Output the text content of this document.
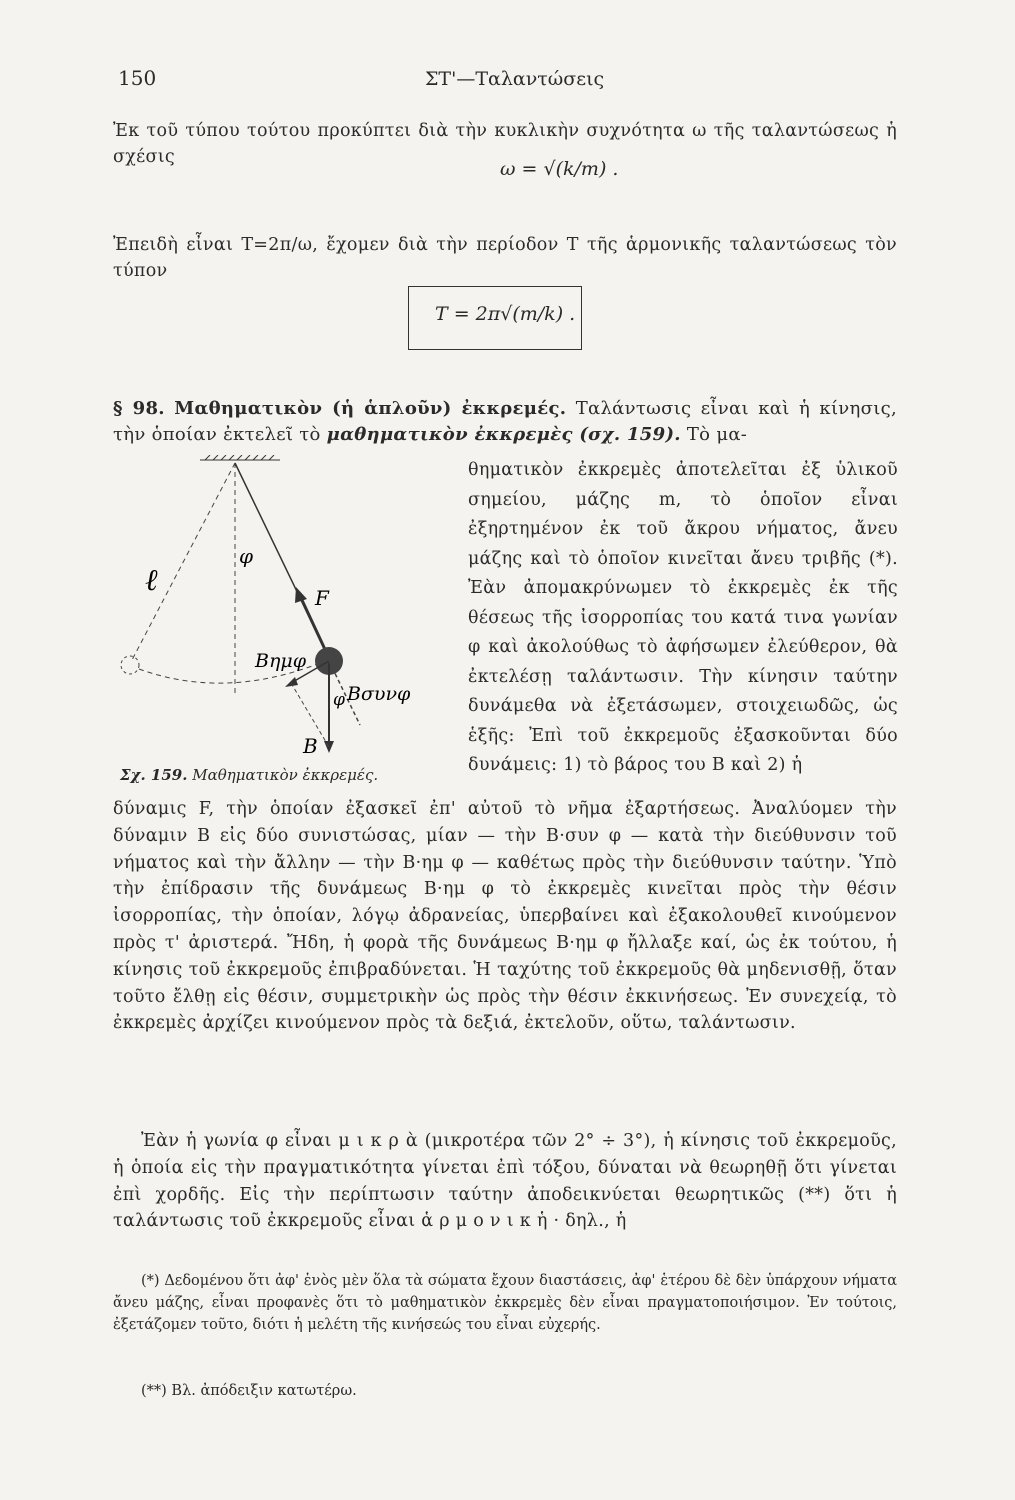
150	ΣΤ'—Ταλαντώσεις

Ἐκ τοῦ τύπου τούτου προκύπτει διὰ τὴν κυκλικὴν συχνότητα ω τῆς ταλαντώσεως ἡ σχέσις

ω = √(k/m) .

Ἐπειδὴ εἶναι T=2π/ω, ἔχομεν διὰ τὴν περίοδον T τῆς ἁρμονικῆς ταλαντώσεως τὸν τύπον

T = 2π√(m/k) .

§ 98. Μαθηματικὸν (ἡ ἁπλοῦν) ἐκκρεμές. Ταλάντωσις εἶναι καὶ ἡ κίνησις, τὴν ὁποίαν ἐκτελεῖ τὸ μαθηματικὸν ἐκκρεμὲς (σχ. 159). Τὸ μα-

θηματικὸν ἐκκρεμὲς ἀποτελεῖται ἐξ ὑλικοῦ σημείου, μάζης m, τὸ ὁποῖον εἶναι ἐξηρτημένον ἐκ τοῦ ἄκρου νήματος, ἄνευ μάζης καὶ τὸ ὁποῖον κινεῖται ἄνευ τριβῆς (*). Ἐὰν ἀπομακρύνωμεν τὸ ἐκκρεμὲς ἐκ τῆς θέσεως τῆς ἰσορροπίας του κατά τινα γωνίαν φ καὶ ἀκολούθως τὸ ἀφήσωμεν ἐλεύθερον, θὰ ἐκτελέσῃ ταλάντωσιν. Τὴν κίνησιν ταύτην δυνάμεθα νὰ ἐξετάσωμεν, στοιχειωδῶς, ὡς ἑξῆς: Ἐπὶ τοῦ ἐκκρεμοῦς ἐξασκοῦνται δύο δυνάμεις: 1) τὸ βάρος του B καὶ 2) ἡ

ℓ
φ
F
Bημφ
φ Bσυνφ
B
Σχ. 159. Μαθηματικὸν ἐκκρεμές.

δύναμις F, τὴν ὁποίαν ἐξασκεῖ ἐπ' αὐτοῦ τὸ νῆμα ἐξαρτήσεως. Ἀναλύομεν τὴν δύναμιν B εἰς δύο συνιστώσας, μίαν — τὴν B·συν φ — κατὰ τὴν διεύθυνσιν τοῦ νήματος καὶ τὴν ἄλλην — τὴν B·ημ φ — καθέτως πρὸς τὴν διεύθυνσιν ταύτην. Ὑπὸ τὴν ἐπίδρασιν τῆς δυνάμεως B·ημ φ τὸ ἐκκρεμὲς κινεῖται πρὸς τὴν θέσιν ἰσορροπίας, τὴν ὁποίαν, λόγῳ ἀδρανείας, ὑπερβαίνει καὶ ἐξακολουθεῖ κινούμενον πρὸς τ' ἀριστερά. Ἤδη, ἡ φορὰ τῆς δυνάμεως B·ημ φ ἤλλαξε καί, ὡς ἐκ τούτου, ἡ κίνησις τοῦ ἐκκρεμοῦς ἐπιβραδύνεται. Ἡ ταχύτης τοῦ ἐκκρεμοῦς θὰ μηδενισθῇ, ὅταν τοῦτο ἔλθῃ εἰς θέσιν, συμμετρικὴν ὡς πρὸς τὴν θέσιν ἐκκινήσεως. Ἐν συνεχείᾳ, τὸ ἐκκρεμὲς ἀρχίζει κινούμενον πρὸς τὰ δεξιά, ἐκτελοῦν, οὕτω, ταλάντωσιν.

Ἐὰν ἡ γωνία φ εἶναι μ ι κ ρ ὰ (μικροτέρα τῶν 2° ÷ 3°), ἡ κίνησις τοῦ ἐκκρεμοῦς, ἡ ὁποία εἰς τὴν πραγματικότητα γίνεται ἐπὶ τόξου, δύναται νὰ θεωρηθῇ ὅτι γίνεται ἐπὶ χορδῆς. Εἰς τὴν περίπτωσιν ταύτην ἀποδεικνύεται θεωρητικῶς (**) ὅτι ἡ ταλάντωσις τοῦ ἐκκρεμοῦς εἶναι ἁ ρ μ ο ν ι κ ἡ · δηλ., ἡ

(*) Δεδομένου ὅτι ἀφ' ἑνὸς μὲν ὅλα τὰ σώματα ἔχουν διαστάσεις, ἀφ' ἑτέρου δὲ δὲν ὑπάρχουν νήματα ἄνευ μάζης, εἶναι προφανὲς ὅτι τὸ μαθηματικὸν ἐκκρεμὲς δὲν εἶναι πραγματοποιήσιμον. Ἐν τούτοις, ἐξετάζομεν τοῦτο, διότι ἡ μελέτη τῆς κινήσεώς του εἶναι εὐχερής.

(**) Βλ. ἀπόδειξιν κατωτέρω.
